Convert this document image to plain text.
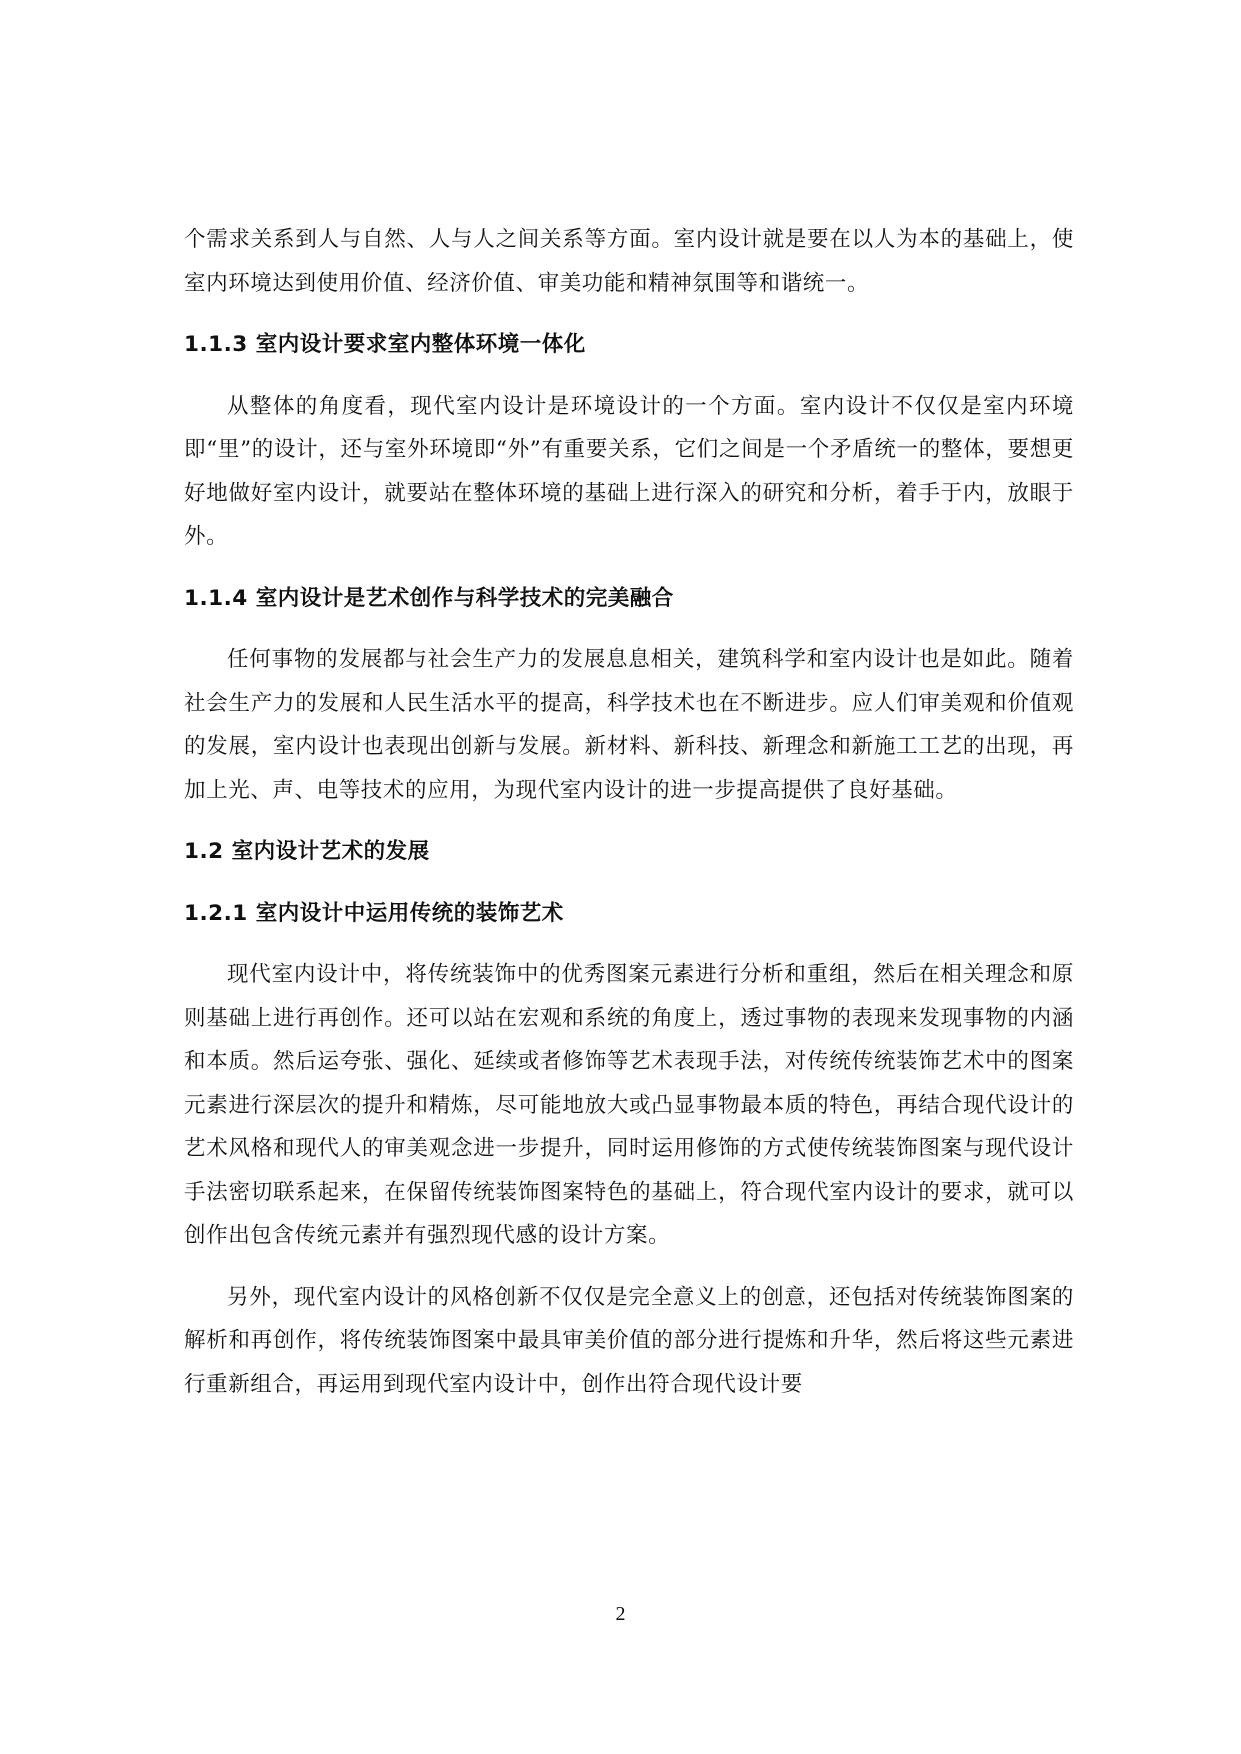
个需求关系到人与自然、人与人之间关系等方面。室内设计就是要在以人为本的基础上，使室内环境达到使用价值、经济价值、审美功能和精神氛围等和谐统一。

1.1.3 室内设计要求室内整体环境一体化

从整体的角度看，现代室内设计是环境设计的一个方面。室内设计不仅仅是室内环境即“里”的设计，还与室外环境即“外”有重要关系，它们之间是一个矛盾统一的整体，要想更好地做好室内设计，就要站在整体环境的基础上进行深入的研究和分析，着手于内，放眼于外。

1.1.4 室内设计是艺术创作与科学技术的完美融合

任何事物的发展都与社会生产力的发展息息相关，建筑科学和室内设计也是如此。随着社会生产力的发展和人民生活水平的提高，科学技术也在不断进步。应人们审美观和价值观的发展，室内设计也表现出创新与发展。新材料、新科技、新理念和新施工工艺的出现，再加上光、声、电等技术的应用，为现代室内设计的进一步提高提供了良好基础。

1.2 室内设计艺术的发展
1.2.1 室内设计中运用传统的装饰艺术

现代室内设计中，将传统装饰中的优秀图案元素进行分析和重组，然后在相关理念和原则基础上进行再创作。还可以站在宏观和系统的角度上，透过事物的表现来发现事物的内涵和本质。然后运夸张、强化、延续或者修饰等艺术表现手法，对传统传统装饰艺术中的图案元素进行深层次的提升和精炼，尽可能地放大或凸显事物最本质的特色，再结合现代设计的艺术风格和现代人的审美观念进一步提升，同时运用修饰的方式使传统装饰图案与现代设计手法密切联系起来，在保留传统装饰图案特色的基础上，符合现代室内设计的要求，就可以创作出包含传统元素并有强烈现代感的设计方案。

另外，现代室内设计的风格创新不仅仅是完全意义上的创意，还包括对传统装饰图案的解析和再创作，将传统装饰图案中最具审美价值的部分进行提炼和升华，然后将这些元素进行重新组合，再运用到现代室内设计中，创作出符合现代设计要

2
